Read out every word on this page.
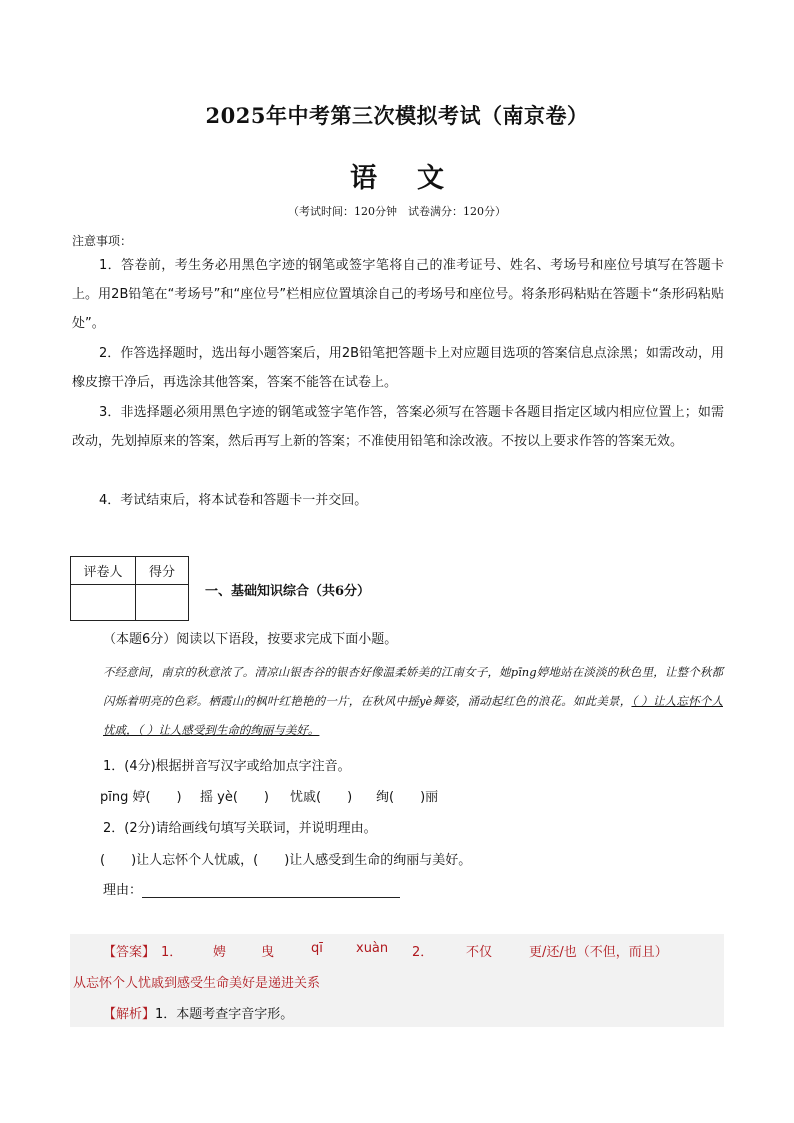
2025年中考第三次模拟考试（南京卷）
语 文
（考试时间：120分钟　试卷满分：120分）
注意事项：
1．答卷前，考生务必用黑色字迹的钢笔或签字笔将自己的准考证号、姓名、考场号和座位号填写在答题卡上。用2B铅笔在“考场号”和“座位号”栏相应位置填涂自己的考场号和座位号。将条形码粘贴在答题卡“条形码粘贴处”。
2．作答选择题时，选出每小题答案后，用2B铅笔把答题卡上对应题目选项的答案信息点涂黑；如需改动，用橡皮擦干净后，再选涂其他答案，答案不能答在试卷上。
3．非选择题必须用黑色字迹的钢笔或签字笔作答，答案必须写在答题卡各题目指定区域内相应位置上；如需改动，先划掉原来的答案，然后再写上新的答案；不准使用铅笔和涂改液。不按以上要求作答的答案无效。
4．考试结束后，将本试卷和答题卡一并交回。
评卷人	得分

一、基础知识综合（共6分）
（本题6分）阅读以下语段，按要求完成下面小题。
不经意间，南京的秋意浓了。清凉山银杏谷的银杏好像温柔娇美的江南女子，她pīng婷地站在淡淡的秋色里，让整个秋都闪烁着明亮的色彩。栖霞山的枫叶红艳艳的一片，在秋风中摇yè舞姿，涌动起红色的浪花。如此美景，（ ）让人忘怀个人忧戚，（ ）让人感受到生命的绚丽与美好。
1．(4分)根据拼音写汉字或给加点字注音。
pīng 婷(　　) 摇 yè(　　) 忧戚(　　) 绚(　　)丽
2．(2分)请给画线句填写关联词，并说明理由。
(　　)让人忘怀个人忧戚，(　　)让人感受到生命的绚丽与美好。
理由：
【答案】 1． 娉	曳	qī	xuàn 2．	不仅	更/还/也（不但，而且）
从忘怀个人忧戚到感受生命美好是递进关系
【解析】1．本题考查字音字形。
